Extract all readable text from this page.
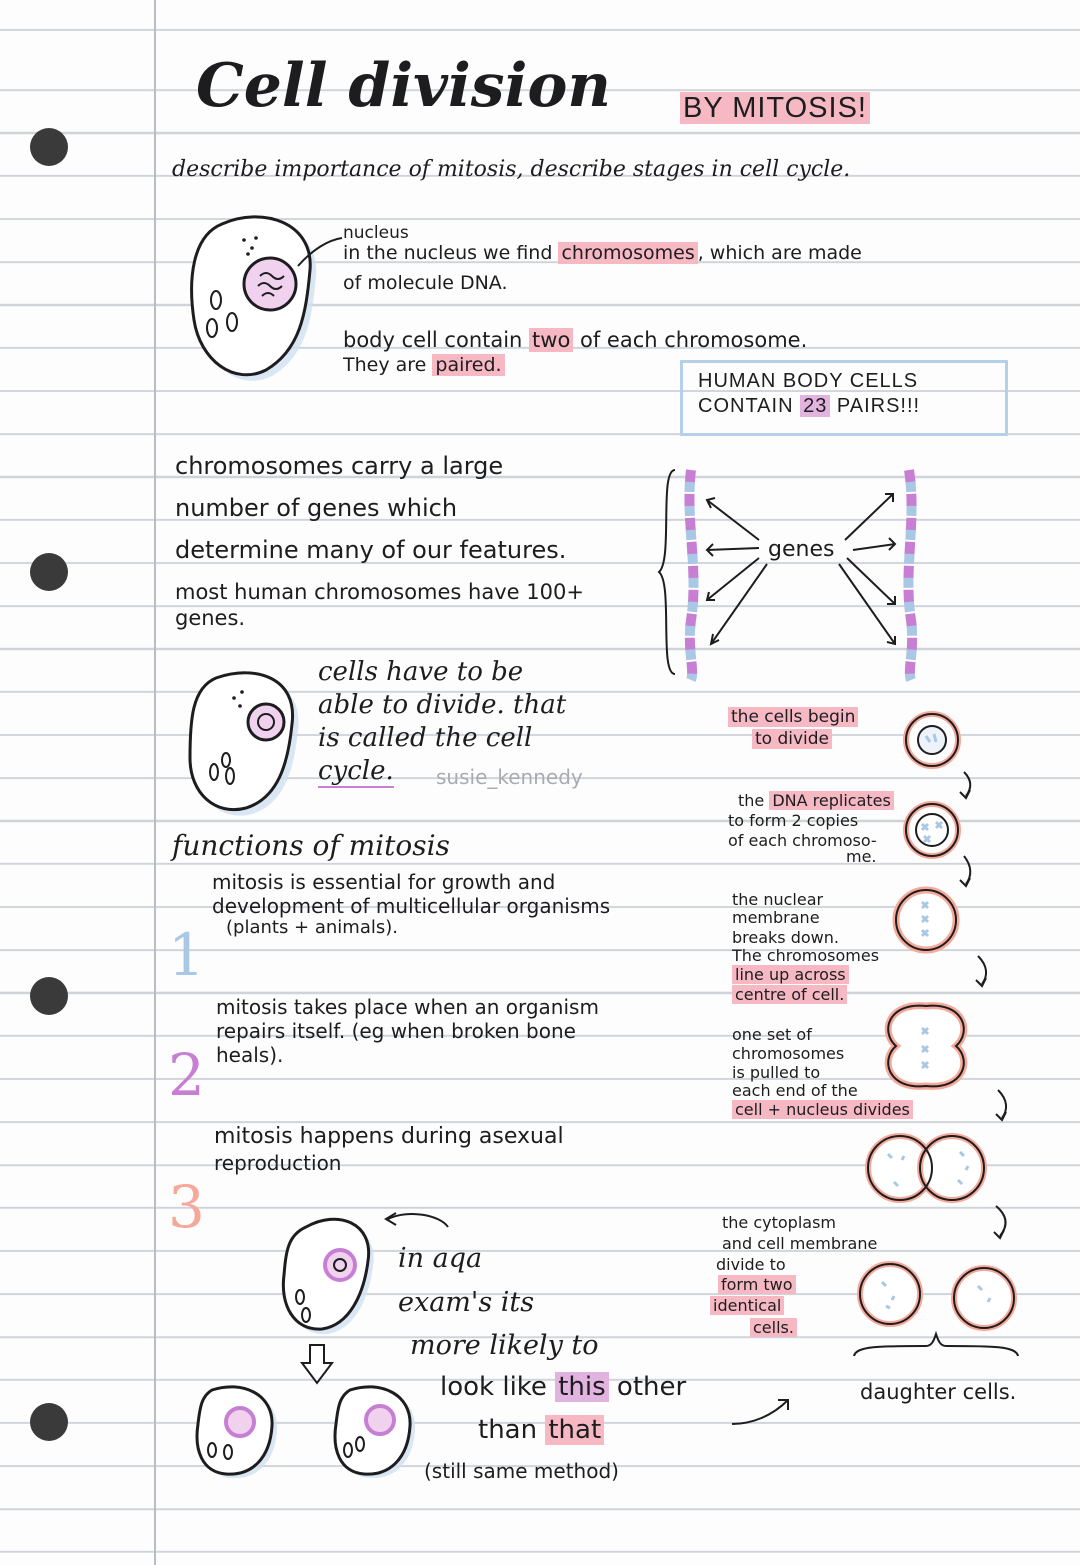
Cell division BY MITOSIS!

describe importance of mitosis, describe stages in cell cycle.

nucleus

in the nucleus we find chromosomes , which are made

of molecule DNA.

body cell contain two of each chromosome.

They are paired.

HUMAN BODY CELLS

CONTAIN 23 PAIRS!!!

chromosomes carry a large

number of genes which

determine many of our features.

most human chromosomes have 100+

genes.

genes

cells have to be

able to divide. that

is called the cell

cycle. susie_kennedy

functions of mitosis

1

mitosis is essential for growth and

development of multicellular organisms

(plants + animals).

2

mitosis takes place when an organism

repairs itself. (eg when broken bone

heals).

3

mitosis happens during asexual

reproduction

in aqa

exam's its

more likely to

look like this other

than that

(still same method)

the cells begin

to divide

the DNA replicates

to form 2 copies

of each chromoso-

me.

the nuclear

membrane

breaks down.

The chromosomes

line up across

centre of cell.

one set of

chromosomes

is pulled to

each end of the

cell + nucleus divides

the cytoplasm

and cell membrane

divide to

form two

identical

cells.

daughter cells.
